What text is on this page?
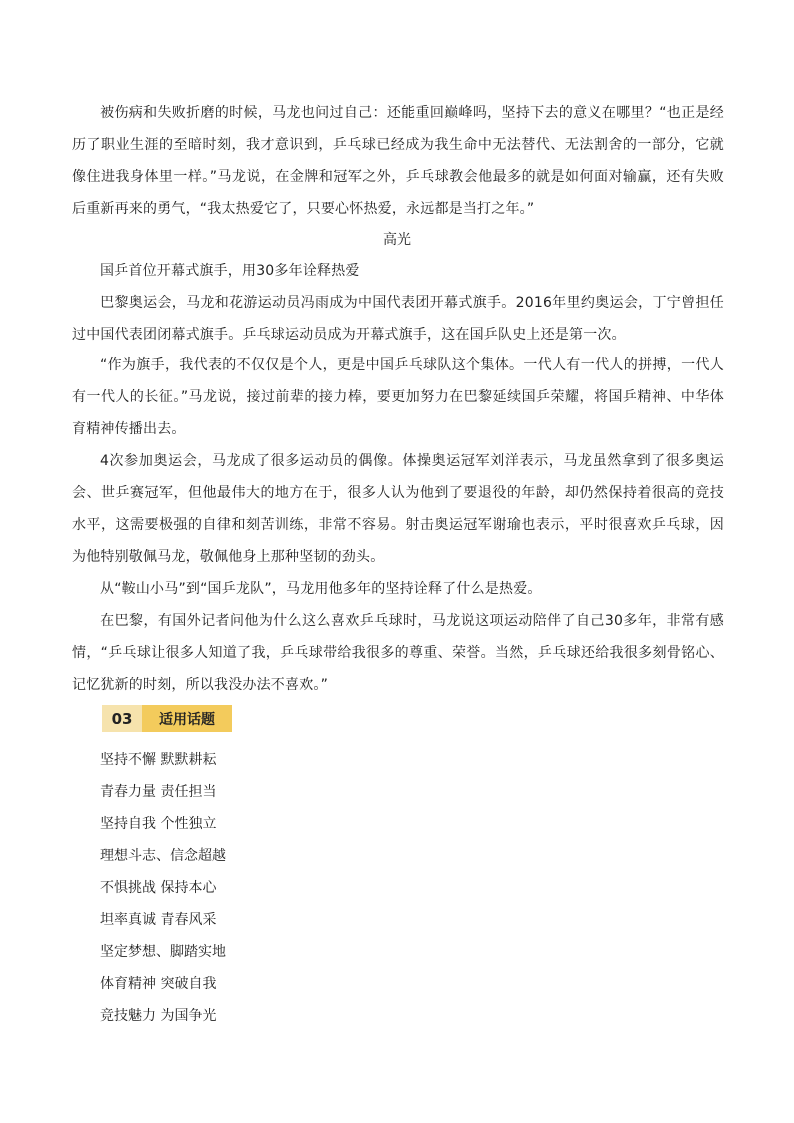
被伤病和失败折磨的时候，马龙也问过自己：还能重回巅峰吗，坚持下去的意义在哪里？“也正是经历了职业生涯的至暗时刻，我才意识到，乒乓球已经成为我生命中无法替代、无法割舍的一部分，它就像住进我身体里一样。”马龙说，在金牌和冠军之外，乒乓球教会他最多的就是如何面对输赢，还有失败后重新再来的勇气，“我太热爱它了，只要心怀热爱，永远都是当打之年。”

高光

国乒首位开幕式旗手，用30多年诠释热爱

巴黎奥运会，马龙和花游运动员冯雨成为中国代表团开幕式旗手。2016年里约奥运会，丁宁曾担任过中国代表团闭幕式旗手。乒乓球运动员成为开幕式旗手，这在国乒队史上还是第一次。

“作为旗手，我代表的不仅仅是个人，更是中国乒乓球队这个集体。一代人有一代人的拼搏，一代人有一代人的长征。”马龙说，接过前辈的接力棒，要更加努力在巴黎延续国乒荣耀，将国乒精神、中华体育精神传播出去。

4次参加奥运会，马龙成了很多运动员的偶像。体操奥运冠军刘洋表示，马龙虽然拿到了很多奥运会、世乒赛冠军，但他最伟大的地方在于，很多人认为他到了要退役的年龄，却仍然保持着很高的竞技水平，这需要极强的自律和刻苦训练，非常不容易。射击奥运冠军谢瑜也表示，平时很喜欢乒乓球，因为他特别敬佩马龙，敬佩他身上那种坚韧的劲头。

从“鞍山小马”到“国乒龙队”，马龙用他多年的坚持诠释了什么是热爱。

在巴黎，有国外记者问他为什么这么喜欢乒乓球时，马龙说这项运动陪伴了自己30多年，非常有感情，“乒乓球让很多人知道了我，乒乓球带给我很多的尊重、荣誉。当然，乒乓球还给我很多刻骨铭心、记忆犹新的时刻，所以我没办法不喜欢。”

03	适用话题
坚持不懈 默默耕耘
青春力量 责任担当
坚持自我 个性独立
理想斗志、信念超越
不惧挑战 保持本心
坦率真诚 青春风采
坚定梦想、脚踏实地
体育精神 突破自我
竞技魅力 为国争光
